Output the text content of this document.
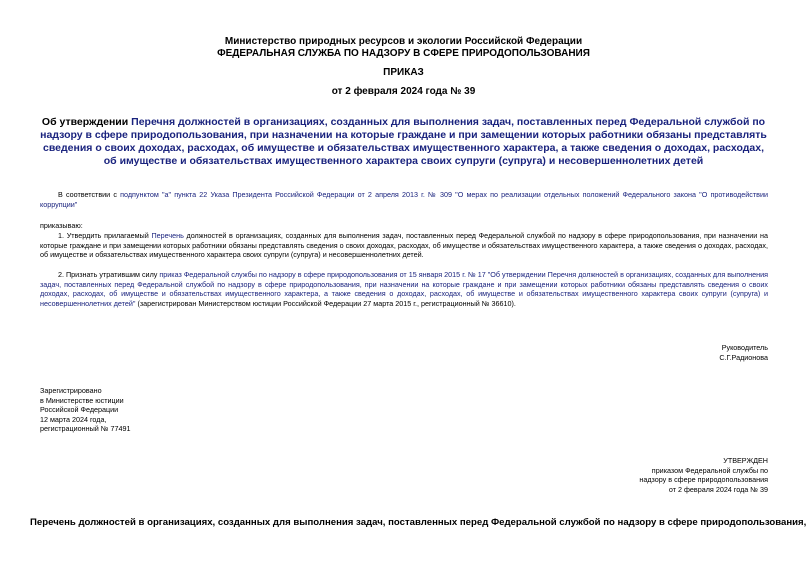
Министерство природных ресурсов и экологии Российской Федерации
ФЕДЕРАЛЬНАЯ СЛУЖБА ПО НАДЗОРУ В СФЕРЕ ПРИРОДОПОЛЬЗОВАНИЯ
ПРИКАЗ
от 2 февраля 2024 года № 39
Об утверждении Перечня должностей в организациях, созданных для выполнения задач, поставленных перед Федеральной службой по надзору в сфере природопользования, при назначении на которые граждане и при замещении которых работники обязаны представлять сведения о своих доходах, расходах, об имуществе и обязательствах имущественного характера, а также сведения о доходах, расходах, об имуществе и обязательствах имущественного характера своих супруги (супруга) и несовершеннолетних детей
В соответствии с подпунктом "а" пункта 22 Указа Президента Российской Федерации от 2 апреля 2013 г. № 309 "О мерах по реализации отдельных положений Федерального закона "О противодействии коррупции"
приказываю:
1. Утвердить прилагаемый Перечень должностей в организациях, созданных для выполнения задач, поставленных перед Федеральной службой по надзору в сфере природопользования, при назначении на которые граждане и при замещении которых работники обязаны представлять сведения о своих доходах, расходах, об имуществе и обязательствах имущественного характера, а также сведения о доходах, расходах, об имуществе и обязательствах имущественного характера своих супруги (супруга) и несовершеннолетних детей.
2. Признать утратившим силу приказ Федеральной службы по надзору в сфере природопользования от 15 января 2015 г. № 17 "Об утверждении Перечня должностей в организациях, созданных для выполнения задач, поставленных перед Федеральной службой по надзору в сфере природопользования, при назначении на которые граждане и при замещении которых работники обязаны представлять сведения о своих доходах, расходах, об имуществе и обязательствах имущественного характера, а также сведения о доходах, расходах, об имуществе и обязательствах имущественного характера своих супруги (супруга) и несовершеннолетних детей" (зарегистрирован Министерством юстиции Российской Федерации 27 марта 2015 г., регистрационный № 36610).
Руководитель
С.Г.Радионова
Зарегистрировано
в Министерстве юстиции
Российской Федерации
12 марта 2024 года,
регистрационный № 77491
УТВЕРЖДЕН
приказом Федеральной службы по
надзору в сфере природопользования
от 2 февраля 2024 года № 39
Перечень должностей в организациях, созданных для выполнения задач, поставленных перед Федеральной службой по надзору в сфере природопользования,
